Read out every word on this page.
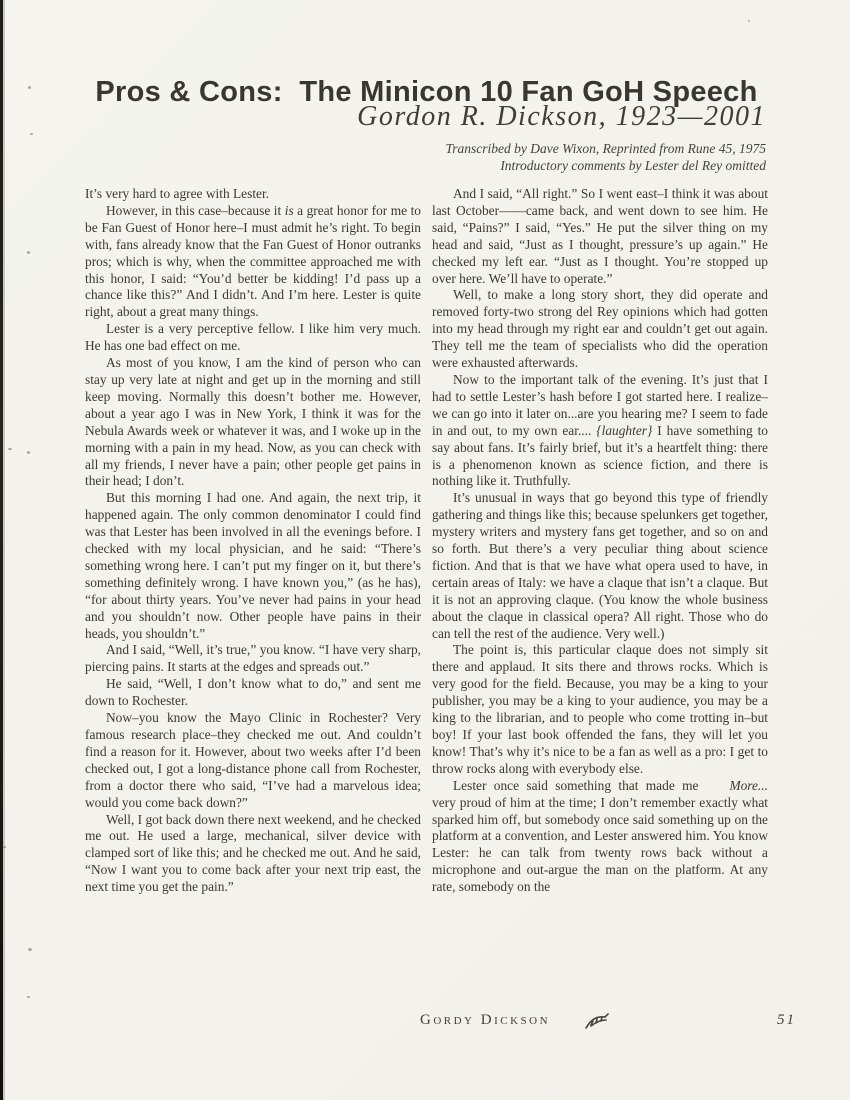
Pros & Cons:  The Minicon 10 Fan GoH Speech
Gordon R. Dickson, 1923—2001
Transcribed by Dave Wixon, Reprinted from Rune 45, 1975
Introductory comments by Lester del Rey omitted

It’s very hard to agree with Lester.

However, in this case–because it is a great honor for me to be Fan Guest of Honor here–I must admit he’s right. To begin with, fans already know that the Fan Guest of Honor outranks pros; which is why, when the committee approached me with this honor, I said: “You’d better be kidding! I’d pass up a chance like this?” And I didn’t. And I’m here. Lester is quite right, about a great many things.

Lester is a very perceptive fellow. I like him very much. He has one bad effect on me.

As most of you know, I am the kind of person who can stay up very late at night and get up in the morning and still keep moving. Normally this doesn’t bother me. However, about a year ago I was in New York, I think it was for the Nebula Awards week or whatever it was, and I woke up in the morning with a pain in my head. Now, as you can check with all my friends, I never have a pain; other people get pains in their head; I don’t.

But this morning I had one. And again, the next trip, it happened again. The only common denominator I could find was that Lester has been involved in all the evenings before. I checked with my local physician, and he said: “There’s something wrong here. I can’t put my finger on it, but there’s something definitely wrong. I have known you,” (as he has), “for about thirty years. You’ve never had pains in your head and you shouldn’t now. Other people have pains in their heads, you shouldn’t.”

And I said, “Well, it’s true,” you know. “I have very sharp, piercing pains. It starts at the edges and spreads out.”

He said, “Well, I don’t know what to do,” and sent me down to Rochester.

Now–you know the Mayo Clinic in Rochester? Very famous research place–they checked me out. And couldn’t find a reason for it. However, about two weeks after I’d been checked out, I got a long-distance phone call from Rochester, from a doctor there who said, “I’ve had a marvelous idea; would you come back down?”

Well, I got back down there next weekend, and he checked me out. He used a large, mechanical, silver device with clamped sort of like this; and he checked me out. And he said, “Now I want you to come back after your next trip east, the next time you get the pain.”

And I said, “All right.” So I went east–I think it was about last October——came back, and went down to see him. He said, “Pains?” I said, “Yes.” He put the silver thing on my head and said, “Just as I thought, pressure’s up again.” He checked my left ear. “Just as I thought. You’re stopped up over here. We’ll have to operate.”

Well, to make a long story short, they did operate and removed forty-two strong del Rey opinions which had gotten into my head through my right ear and couldn’t get out again. They tell me the team of specialists who did the operation were exhausted afterwards.

Now to the important talk of the evening. It’s just that I had to settle Lester’s hash before I got started here. I realize–we can go into it later on...are you hearing me? I seem to fade in and out, to my own ear.... {laughter} I have something to say about fans. It’s fairly brief, but it’s a heartfelt thing: there is a phenomenon known as science fiction, and there is nothing like it. Truthfully.

It’s unusual in ways that go beyond this type of friendly gathering and things like this; because spelunkers get together, mystery writers and mystery fans get together, and so on and so forth. But there’s a very peculiar thing about science fiction. And that is that we have what opera used to have, in certain areas of Italy: we have a claque that isn’t a claque. But it is not an approving claque. (You know the whole business about the claque in classical opera? All right. Those who do can tell the rest of the audience. Very well.)

The point is, this particular claque does not simply sit there and applaud. It sits there and throws rocks. Which is very good for the field. Because, you may be a king to your publisher, you may be a king to your audience, you may be a king to the librarian, and to people who come trotting in–but boy! If your last book offended the fans, they will let you know! That’s why it’s nice to be a fan as well as a pro: I get to throw rocks along with everybody else.

More...
Lester once said something that made me very proud of him at the time; I don’t remember exactly what sparked him off, but somebody once said something up on the platform at a convention, and Lester answered him. You know Lester: he can talk from twenty rows back without a microphone and out-argue the man on the platform. At any rate, somebody on the

Gordy Dickson	51
